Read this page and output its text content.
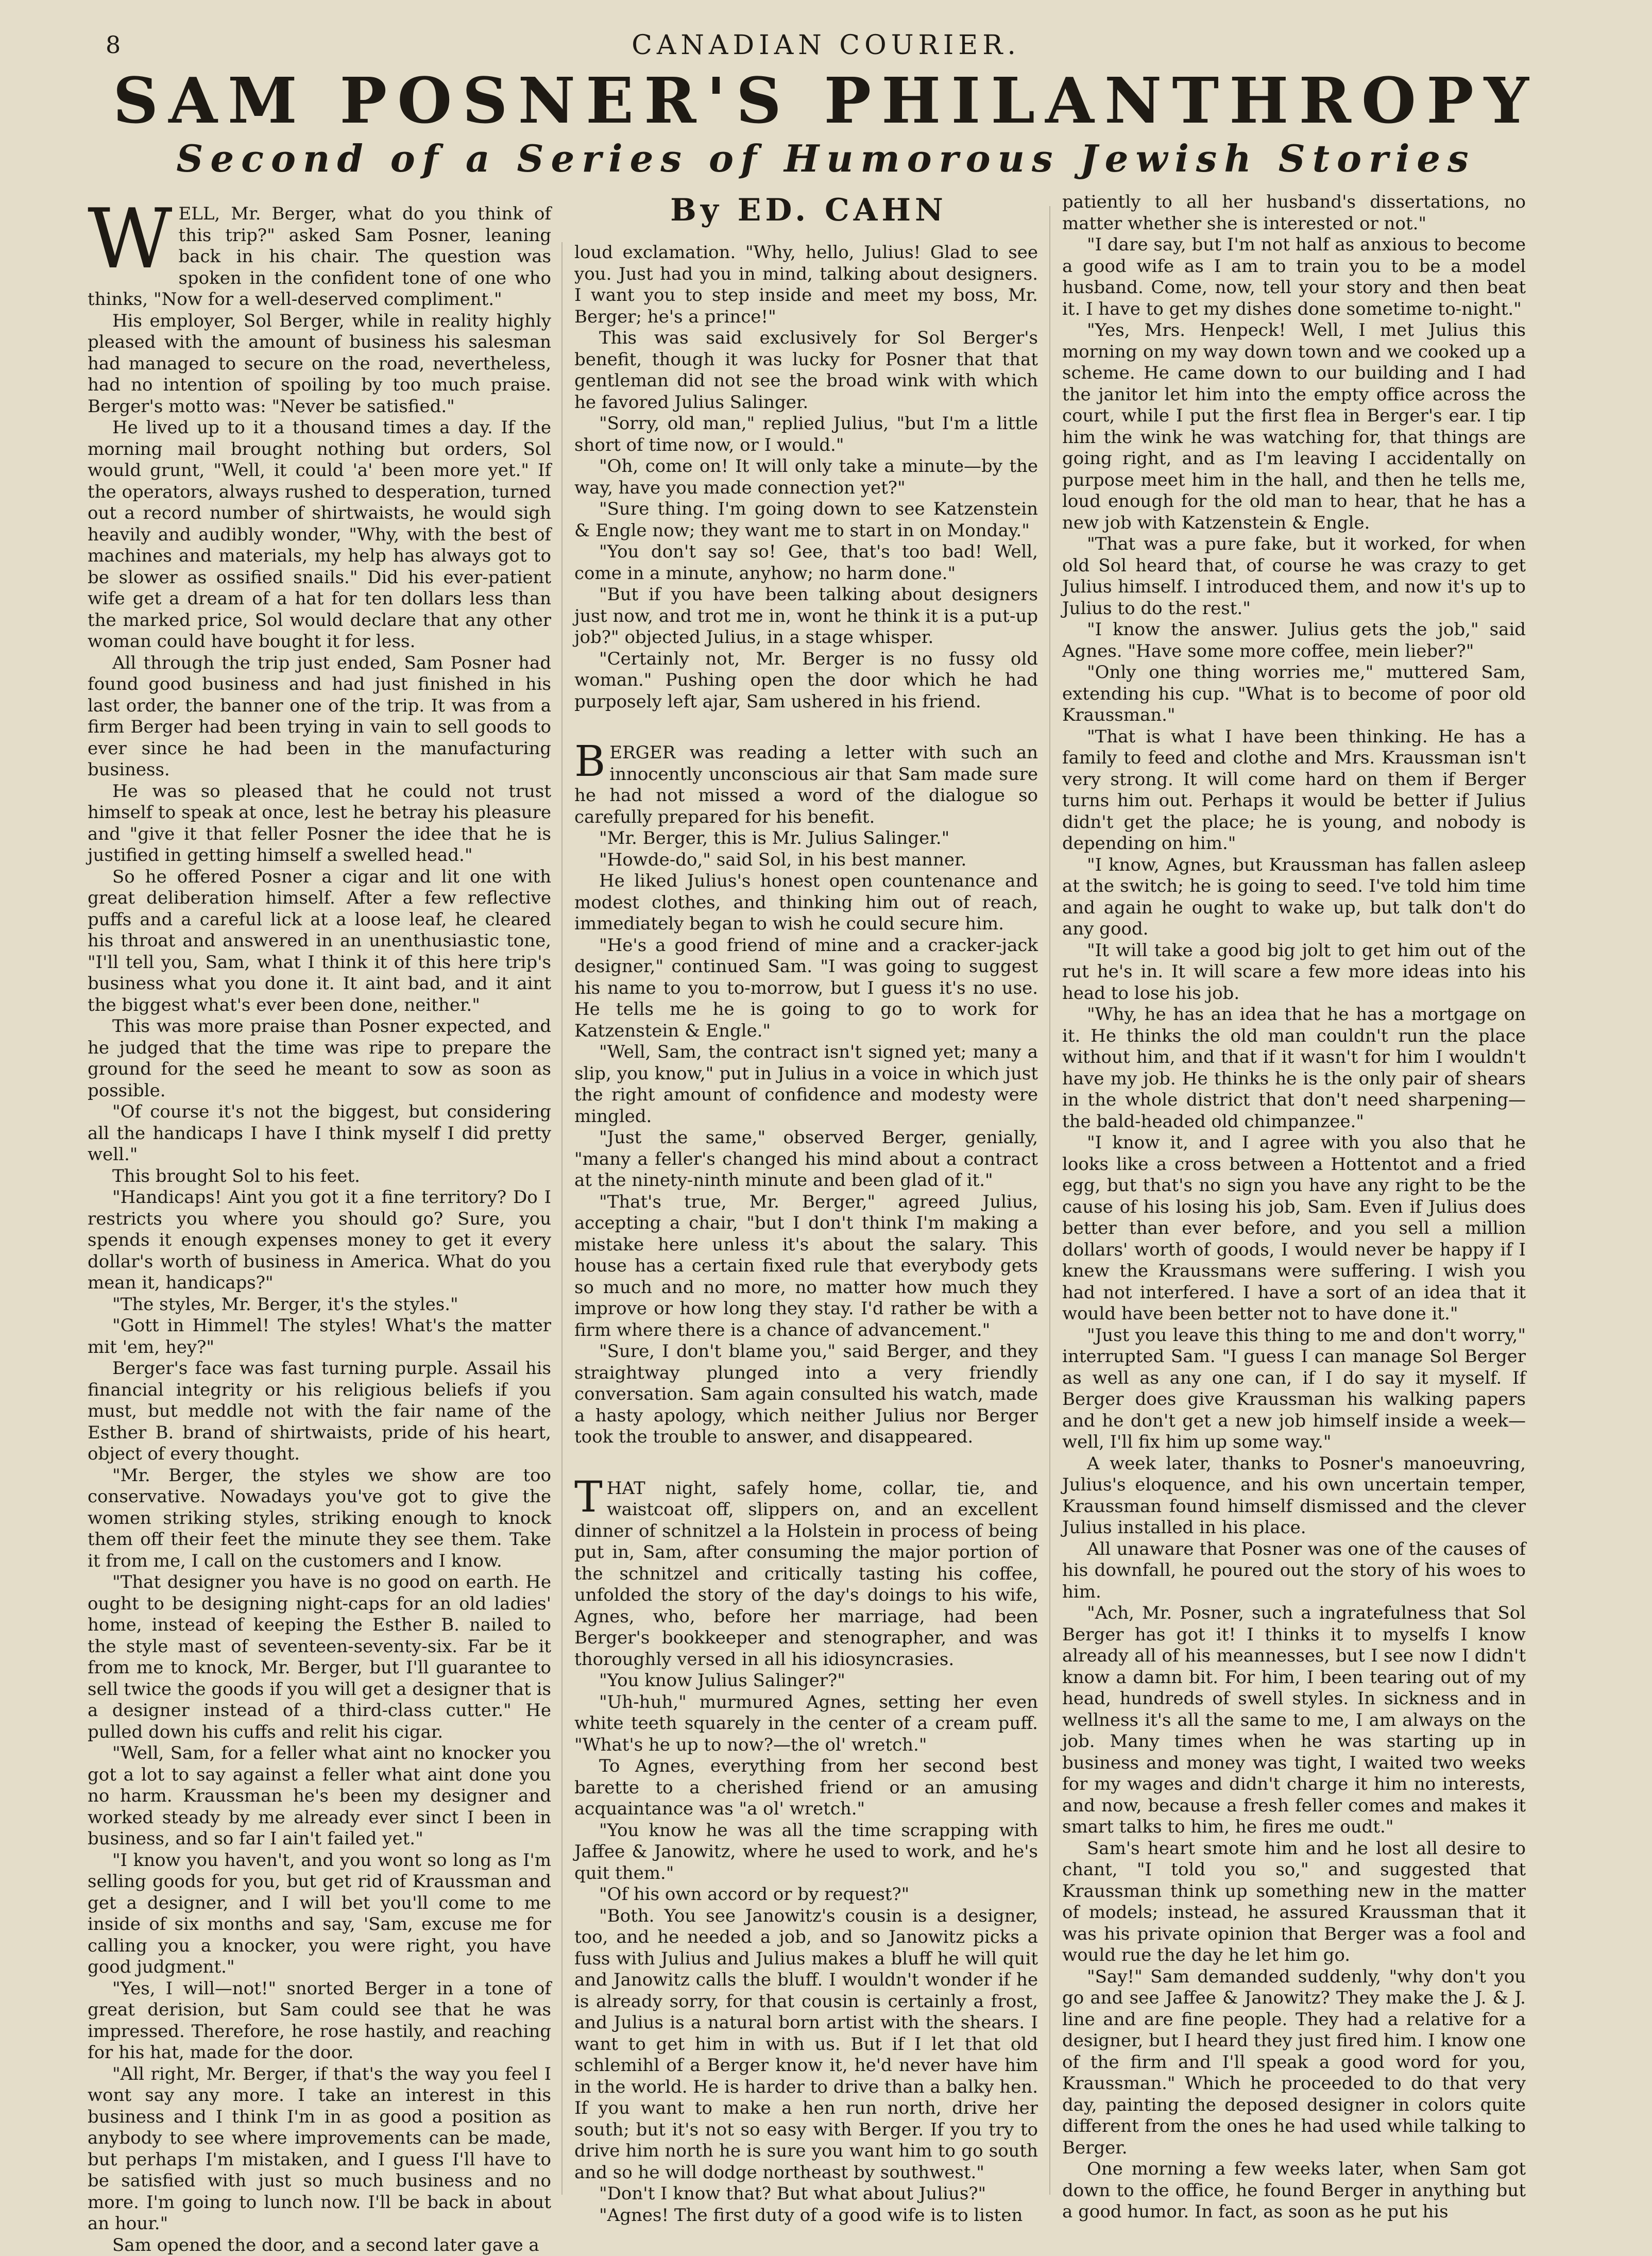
8	CANADIAN COURIER.
SAM POSNER'S PHILANTHROPY
Second of a Series of Humorous Jewish Stories
By ED. CAHN

WELL, Mr. Berger, what do you think of this trip?" asked Sam Posner, leaning back in his chair. The question was spoken in the confident tone of one who thinks, "Now for a well-deserved compliment."

His employer, Sol Berger, while in reality highly pleased with the amount of business his salesman had managed to secure on the road, nevertheless, had no intention of spoiling by too much praise. Berger's motto was: "Never be satisfied."

He lived up to it a thousand times a day. If the morning mail brought nothing but orders, Sol would grunt, "Well, it could 'a' been more yet." If the operators, always rushed to desperation, turned out a record number of shirtwaists, he would sigh heavily and audibly wonder, "Why, with the best of machines and materials, my help has always got to be slower as ossified snails." Did his ever-patient wife get a dream of a hat for ten dollars less than the marked price, Sol would declare that any other woman could have bought it for less.

All through the trip just ended, Sam Posner had found good business and had just finished in his last order, the banner one of the trip. It was from a firm Berger had been trying in vain to sell goods to ever since he had been in the manufacturing business.

He was so pleased that he could not trust himself to speak at once, lest he betray his pleasure and "give it that feller Posner the idee that he is justified in getting himself a swelled head."

So he offered Posner a cigar and lit one with great deliberation himself. After a few reflective puffs and a careful lick at a loose leaf, he cleared his throat and answered in an unenthusiastic tone, "I'll tell you, Sam, what I think it of this here trip's business what you done it. It aint bad, and it aint the biggest what's ever been done, neither."

This was more praise than Posner expected, and he judged that the time was ripe to prepare the ground for the seed he meant to sow as soon as possible.

"Of course it's not the biggest, but considering all the handicaps I have I think myself I did pretty well."

This brought Sol to his feet.

"Handicaps! Aint you got it a fine territory? Do I restricts you where you should go? Sure, you spends it enough expenses money to get it every dollar's worth of business in America. What do you mean it, handicaps?"

"The styles, Mr. Berger, it's the styles."

"Gott in Himmel! The styles! What's the matter mit 'em, hey?"

Berger's face was fast turning purple. Assail his financial integrity or his religious beliefs if you must, but meddle not with the fair name of the Esther B. brand of shirtwaists, pride of his heart, object of every thought.

"Mr. Berger, the styles we show are too conservative. Nowadays you've got to give the women striking styles, striking enough to knock them off their feet the minute they see them. Take it from me, I call on the customers and I know.

"That designer you have is no good on earth. He ought to be designing night-caps for an old ladies' home, instead of keeping the Esther B. nailed to the style mast of seventeen-seventy-six. Far be it from me to knock, Mr. Berger, but I'll guarantee to sell twice the goods if you will get a designer that is a designer instead of a third-class cutter." He pulled down his cuffs and relit his cigar.

"Well, Sam, for a feller what aint no knocker you got a lot to say against a feller what aint done you no harm. Kraussman he's been my designer and worked steady by me already ever sinct I been in business, and so far I ain't failed yet."

"I know you haven't, and you wont so long as I'm selling goods for you, but get rid of Kraussman and get a designer, and I will bet you'll come to me inside of six months and say, 'Sam, excuse me for calling you a knocker, you were right, you have good judgment."

"Yes, I will—not!" snorted Berger in a tone of great derision, but Sam could see that he was impressed. Therefore, he rose hastily, and reaching for his hat, made for the door.

"All right, Mr. Berger, if that's the way you feel I wont say any more. I take an interest in this business and I think I'm in as good a position as anybody to see where improvements can be made, but perhaps I'm mistaken, and I guess I'll have to be satisfied with just so much business and no more. I'm going to lunch now. I'll be back in about an hour."

Sam opened the door, and a second later gave a

loud exclamation. "Why, hello, Julius! Glad to see you. Just had you in mind, talking about designers. I want you to step inside and meet my boss, Mr. Berger; he's a prince!"

This was said exclusively for Sol Berger's benefit, though it was lucky for Posner that that gentleman did not see the broad wink with which he favored Julius Salinger.

"Sorry, old man," replied Julius, "but I'm a little short of time now, or I would."

"Oh, come on! It will only take a minute—by the way, have you made connection yet?"

"Sure thing. I'm going down to see Katzenstein & Engle now; they want me to start in on Monday."

"You don't say so! Gee, that's too bad! Well, come in a minute, anyhow; no harm done."

"But if you have been talking about designers just now, and trot me in, wont he think it is a put-up job?" objected Julius, in a stage whisper.

"Certainly not, Mr. Berger is no fussy old woman." Pushing open the door which he had purposely left ajar, Sam ushered in his friend.

BERGER was reading a letter with such an innocently unconscious air that Sam made sure he had not missed a word of the dialogue so carefully prepared for his benefit.

"Mr. Berger, this is Mr. Julius Salinger."

"Howde-do," said Sol, in his best manner.

He liked Julius's honest open countenance and modest clothes, and thinking him out of reach, immediately began to wish he could secure him.

"He's a good friend of mine and a cracker-jack designer," continued Sam. "I was going to suggest his name to you to-morrow, but I guess it's no use. He tells me he is going to go to work for Katzenstein & Engle."

"Well, Sam, the contract isn't signed yet; many a slip, you know," put in Julius in a voice in which just the right amount of confidence and modesty were mingled.

"Just the same," observed Berger, genially, "many a feller's changed his mind about a contract at the ninety-ninth minute and been glad of it."

"That's true, Mr. Berger," agreed Julius, accepting a chair, "but I don't think I'm making a mistake here unless it's about the salary. This house has a certain fixed rule that everybody gets so much and no more, no matter how much they improve or how long they stay. I'd rather be with a firm where there is a chance of advancement."

"Sure, I don't blame you," said Berger, and they straightway plunged into a very friendly conversation. Sam again consulted his watch, made a hasty apology, which neither Julius nor Berger took the trouble to answer, and disappeared.

THAT night, safely home, collar, tie, and waistcoat off, slippers on, and an excellent dinner of schnitzel a la Holstein in process of being put in, Sam, after consuming the major portion of the schnitzel and critically tasting his coffee, unfolded the story of the day's doings to his wife, Agnes, who, before her marriage, had been Berger's bookkeeper and stenographer, and was thoroughly versed in all his idiosyncrasies.

"You know Julius Salinger?"

"Uh-huh," murmured Agnes, setting her even white teeth squarely in the center of a cream puff. "What's he up to now?—the ol' wretch."

To Agnes, everything from her second best barette to a cherished friend or an amusing acquaintance was "a ol' wretch."

"You know he was all the time scrapping with Jaffee & Janowitz, where he used to work, and he's quit them."

"Of his own accord or by request?"

"Both. You see Janowitz's cousin is a designer, too, and he needed a job, and so Janowitz picks a fuss with Julius and Julius makes a bluff he will quit and Janowitz calls the bluff. I wouldn't wonder if he is already sorry, for that cousin is certainly a frost, and Julius is a natural born artist with the shears. I want to get him in with us. But if I let that old schlemihl of a Berger know it, he'd never have him in the world. He is harder to drive than a balky hen. If you want to make a hen run north, drive her south; but it's not so easy with Berger. If you try to drive him north he is sure you want him to go south and so he will dodge northeast by southwest."

"Don't I know that? But what about Julius?"

"Agnes! The first duty of a good wife is to listen

patiently to all her husband's dissertations, no matter whether she is interested or not."

"I dare say, but I'm not half as anxious to become a good wife as I am to train you to be a model husband. Come, now, tell your story and then beat it. I have to get my dishes done sometime to-night."

"Yes, Mrs. Henpeck! Well, I met Julius this morning on my way down town and we cooked up a scheme. He came down to our building and I had the janitor let him into the empty office across the court, while I put the first flea in Berger's ear. I tip him the wink he was watching for, that things are going right, and as I'm leaving I accidentally on purpose meet him in the hall, and then he tells me, loud enough for the old man to hear, that he has a new job with Katzenstein & Engle.

"That was a pure fake, but it worked, for when old Sol heard that, of course he was crazy to get Julius himself. I introduced them, and now it's up to Julius to do the rest."

"I know the answer. Julius gets the job," said Agnes. "Have some more coffee, mein lieber?"

"Only one thing worries me," muttered Sam, extending his cup. "What is to become of poor old Kraussman."

"That is what I have been thinking. He has a family to feed and clothe and Mrs. Kraussman isn't very strong. It will come hard on them if Berger turns him out. Perhaps it would be better if Julius didn't get the place; he is young, and nobody is depending on him."

"I know, Agnes, but Kraussman has fallen asleep at the switch; he is going to seed. I've told him time and again he ought to wake up, but talk don't do any good.

"It will take a good big jolt to get him out of the rut he's in. It will scare a few more ideas into his head to lose his job.

"Why, he has an idea that he has a mortgage on it. He thinks the old man couldn't run the place without him, and that if it wasn't for him I wouldn't have my job. He thinks he is the only pair of shears in the whole district that don't need sharpening—the bald-headed old chimpanzee."

"I know it, and I agree with you also that he looks like a cross between a Hottentot and a fried egg, but that's no sign you have any right to be the cause of his losing his job, Sam. Even if Julius does better than ever before, and you sell a million dollars' worth of goods, I would never be happy if I knew the Kraussmans were suffering. I wish you had not interfered. I have a sort of an idea that it would have been better not to have done it."

"Just you leave this thing to me and don't worry," interrupted Sam. "I guess I can manage Sol Berger as well as any one can, if I do say it myself. If Berger does give Kraussman his walking papers and he don't get a new job himself inside a week—well, I'll fix him up some way."

A week later, thanks to Posner's manoeuvring, Julius's eloquence, and his own uncertain temper, Kraussman found himself dismissed and the clever Julius installed in his place.

All unaware that Posner was one of the causes of his downfall, he poured out the story of his woes to him.

"Ach, Mr. Posner, such a ingratefulness that Sol Berger has got it! I thinks it to myselfs I know already all of his meannesses, but I see now I didn't know a damn bit. For him, I been tearing out of my head, hundreds of swell styles. In sickness and in wellness it's all the same to me, I am always on the job. Many times when he was starting up in business and money was tight, I waited two weeks for my wages and didn't charge it him no interests, and now, because a fresh feller comes and makes it smart talks to him, he fires me oudt."

Sam's heart smote him and he lost all desire to chant, "I told you so," and suggested that Kraussman think up something new in the matter of models; instead, he assured Kraussman that it was his private opinion that Berger was a fool and would rue the day he let him go.

"Say!" Sam demanded suddenly, "why don't you go and see Jaffee & Janowitz? They make the J. & J. line and are fine people. They had a relative for a designer, but I heard they just fired him. I know one of the firm and I'll speak a good word for you, Kraussman." Which he proceeded to do that very day, painting the deposed designer in colors quite different from the ones he had used while talking to Berger.

One morning a few weeks later, when Sam got down to the office, he found Berger in anything but a good humor. In fact, as soon as he put his
